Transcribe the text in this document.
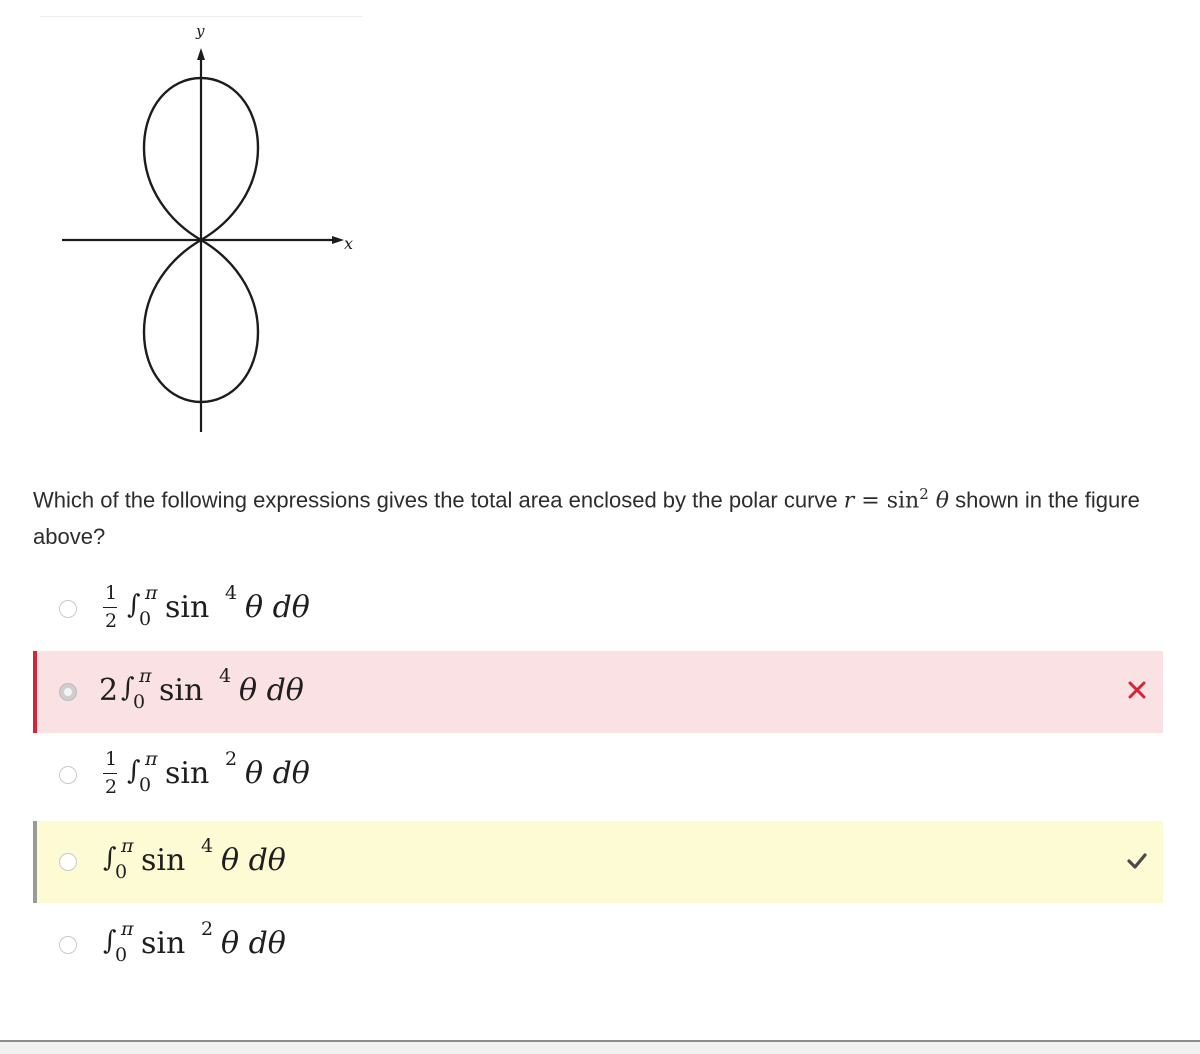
y
x
Which of the following expressions gives the total area enclosed by the polar curve $r = \sin^2 \theta$ shown in the figure above?
1
2
∫ π
0 sin 4 θ dθ
2 ∫ π
0 sin 4 θ dθ
1
2
∫ π
0 sin 2 θ dθ
∫ π
0 sin 4 θ dθ
∫ π
0 sin 2 θ dθ
